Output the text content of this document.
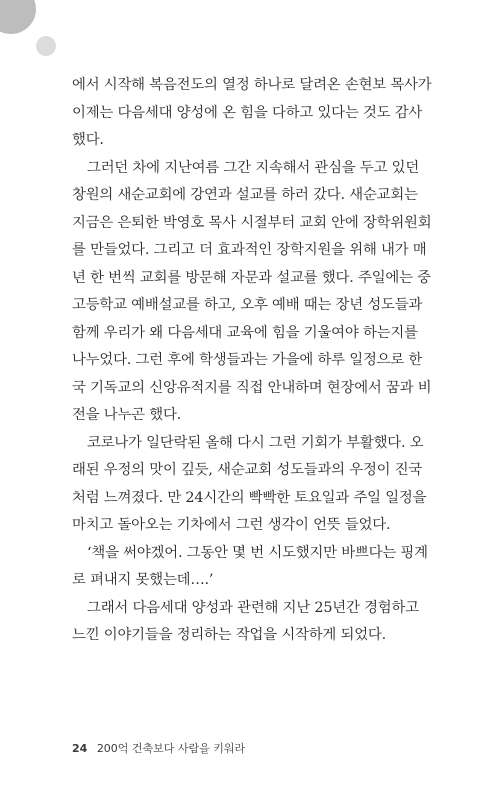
에서 시작해 복음전도의 열정 하나로 달려온 손현보 목사가
이제는 다음세대 양성에 온 힘을 다하고 있다는 것도 감사
했다.
그러던 차에 지난여름 그간 지속해서 관심을 두고 있던
창원의 새순교회에 강연과 설교를 하러 갔다. 새순교회는
지금은 은퇴한 박영호 목사 시절부터 교회 안에 장학위원회
를 만들었다. 그리고 더 효과적인 장학지원을 위해 내가 매
년 한 번씩 교회를 방문해 자문과 설교를 했다. 주일에는 중
고등학교 예배설교를 하고, 오후 예배 때는 장년 성도들과
함께 우리가 왜 다음세대 교육에 힘을 기울여야 하는지를
나누었다. 그런 후에 학생들과는 가을에 하루 일정으로 한
국 기독교의 신앙유적지를 직접 안내하며 현장에서 꿈과 비
전을 나누곤 했다.
코로나가 일단락된 올해 다시 그런 기회가 부활했다. 오
래된 우정의 맛이 깊듯, 새순교회 성도들과의 우정이 진국
처럼 느껴졌다. 만 24시간의 빡빡한 토요일과 주일 일정을
마치고 돌아오는 기차에서 그런 생각이 언뜻 들었다.
‘책을 써야겠어. 그동안 몇 번 시도했지만 바쁘다는 핑계
로 펴내지 못했는데….’
그래서 다음세대 양성과 관련해 지난 25년간 경험하고
느낀 이야기들을 정리하는 작업을 시작하게 되었다.
24 200억 건축보다 사람을 키워라
